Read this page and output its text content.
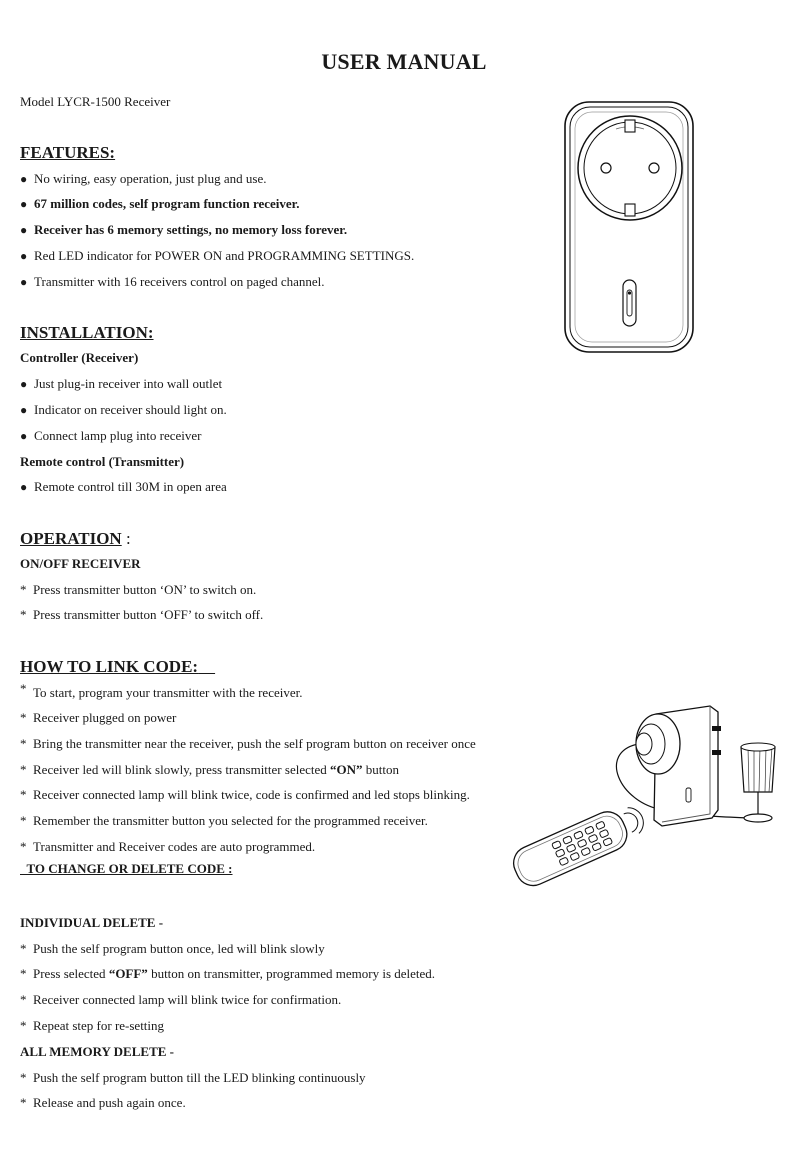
USER MANUAL
Model LYCR-1500 Receiver
FEATURES:
● No wiring, easy operation, just plug and use.
● 67 million codes, self program function receiver.
● Receiver has 6 memory settings, no memory loss forever.
● Red LED indicator for POWER ON and PROGRAMMING SETTINGS.
● Transmitter with 16 receivers control on paged channel.
INSTALLATION:
Controller (Receiver)
● Just plug-in receiver into wall outlet
● Indicator on receiver should light on.
● Connect lamp plug into receiver
Remote control (Transmitter)
● Remote control till 30M in open area
OPERATION :
ON/OFF RECEIVER
* Press transmitter button ‘ON’ to switch on.
* Press transmitter button ‘OFF’ to switch off.
HOW TO LINK CODE:
* To start, program your transmitter with the receiver.
* Receiver plugged on power
* Bring the transmitter near the receiver, push the self program button on receiver once
* Receiver led will blink slowly, press transmitter selected “ON” button
* Receiver connected lamp will blink twice, code is confirmed and led stops blinking.
* Remember the transmitter button you selected for the programmed receiver.
* Transmitter and Receiver codes are auto programmed.
TO CHANGE OR DELETE CODE :
INDIVIDUAL DELETE -
* Push the self program button once, led will blink slowly
* Press selected “OFF” button on transmitter, programmed memory is deleted.
* Receiver connected lamp will blink twice for confirmation.
* Repeat step for re-setting
ALL MEMORY DELETE -
* Push the self program button till the LED blinking continuously
* Release and push again once.
